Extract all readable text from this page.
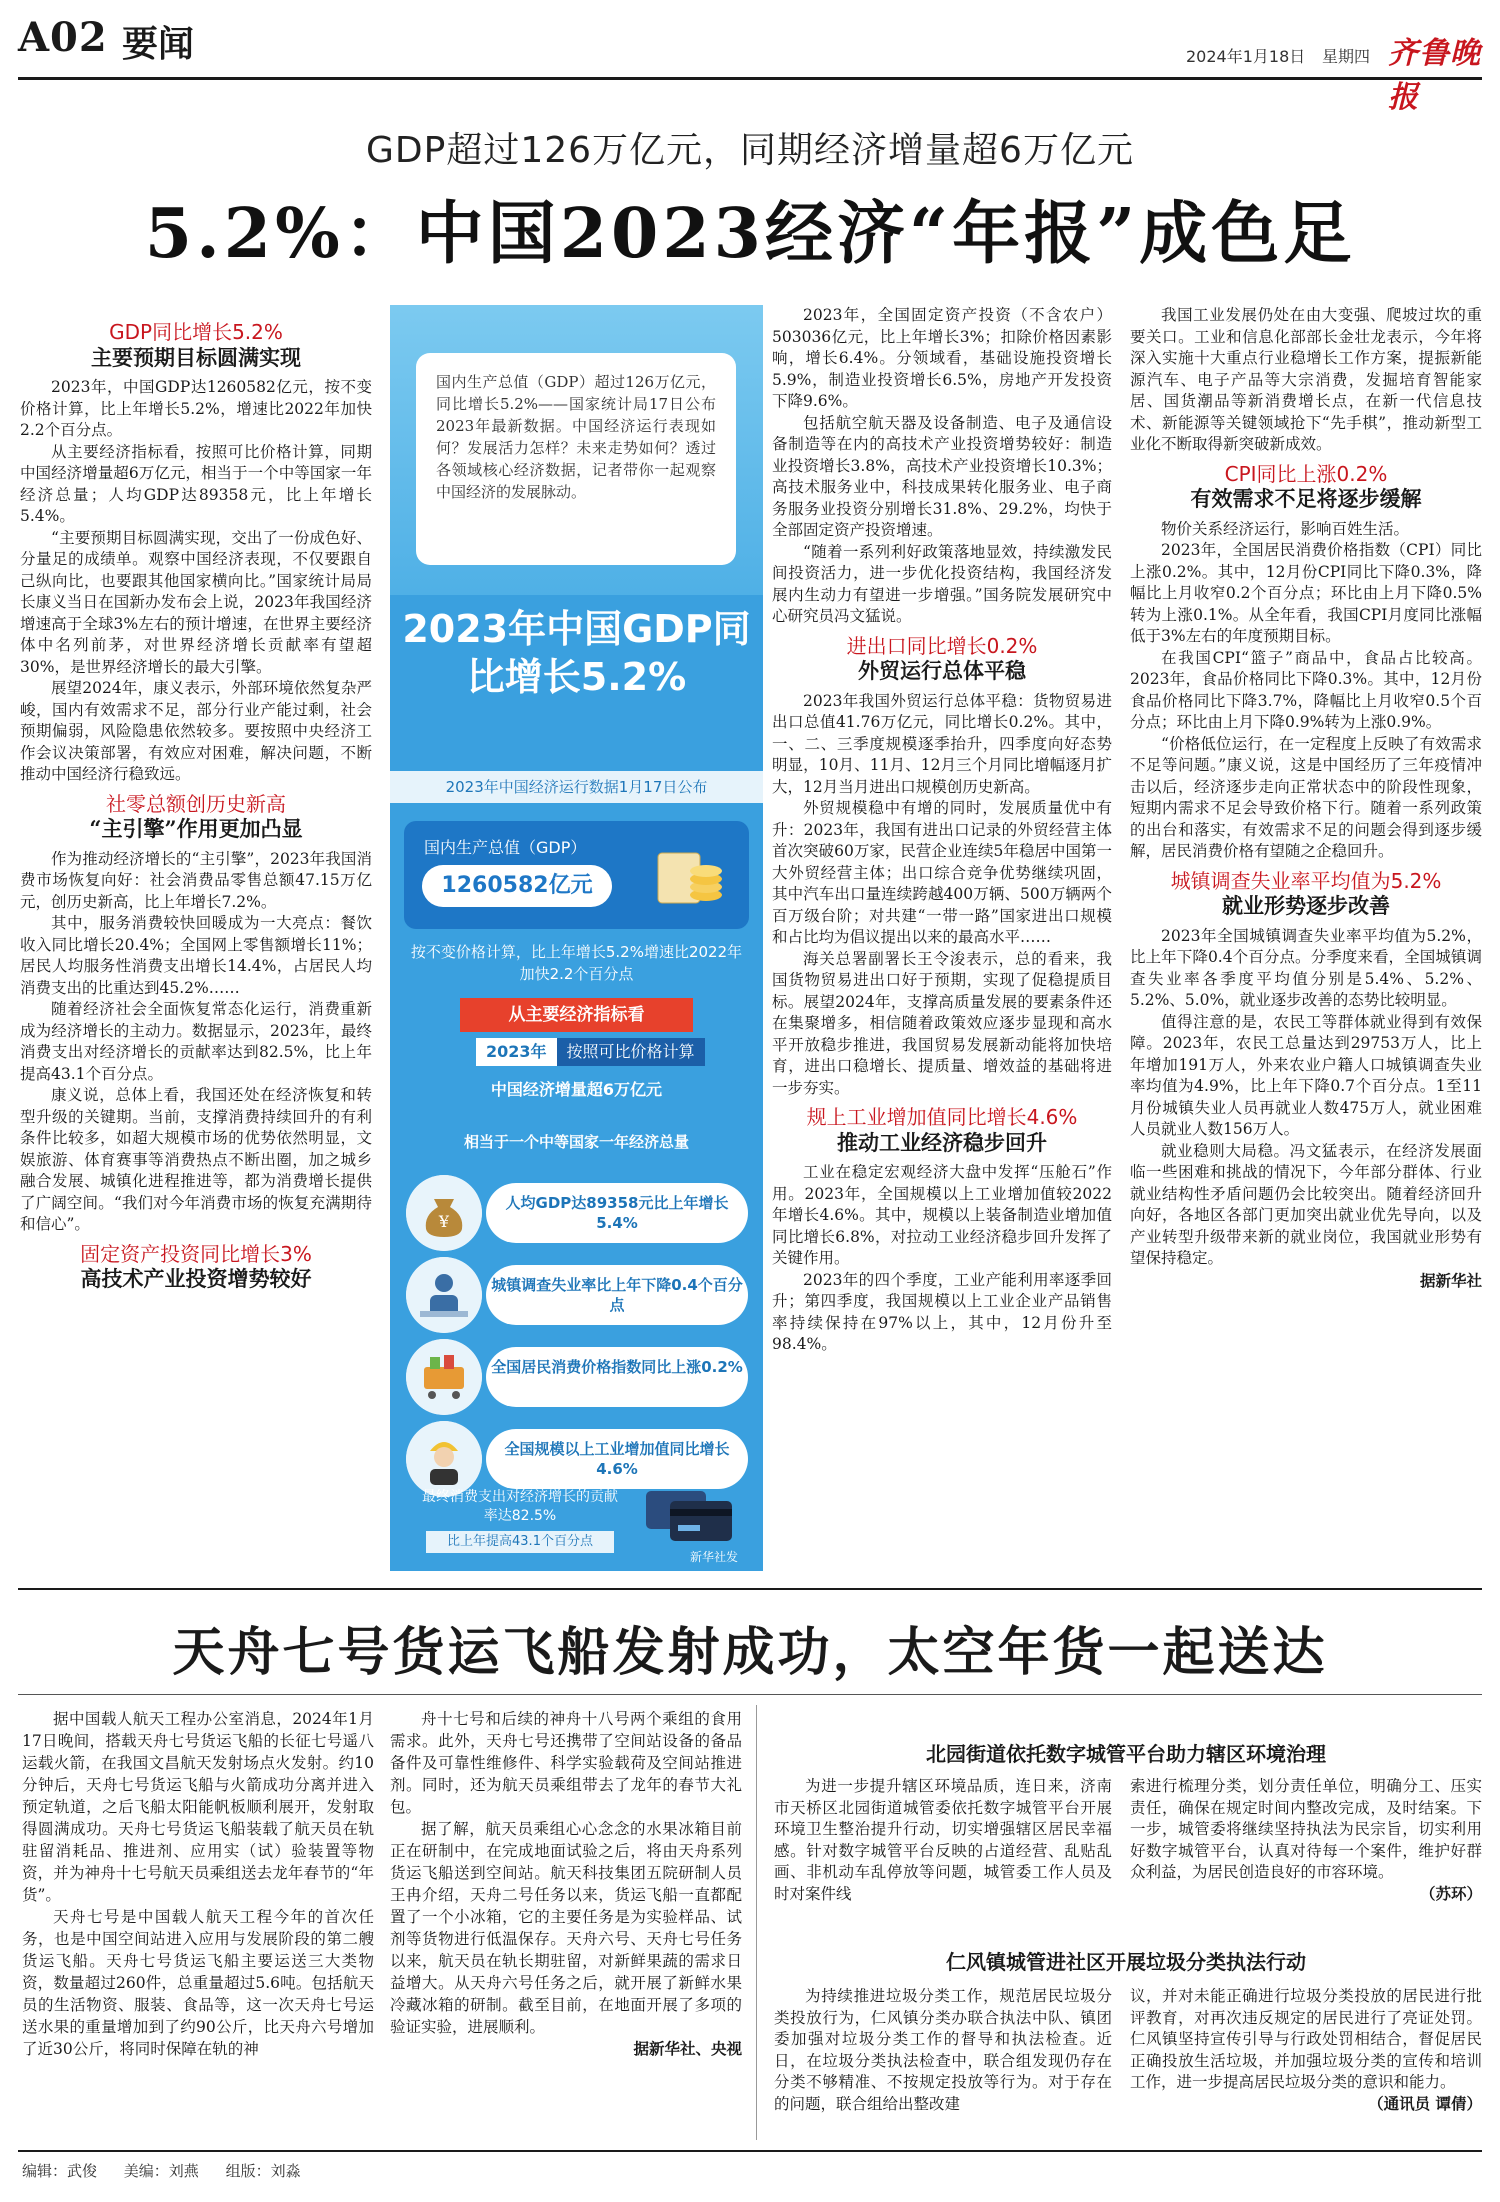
A02 要闻	2024年1月18日 星期四 齐鲁晚报
GDP超过126万亿元，同期经济增量超6万亿元
5.2%：中国2023经济“年报”成色足
GDP同比增长5.2%
主要预期目标圆满实现

2023年，中国GDP达1260582亿元，按不变价格计算，比上年增长5.2%，增速比2022年加快2.2个百分点。

从主要经济指标看，按照可比价格计算，同期中国经济增量超6万亿元，相当于一个中等国家一年经济总量；人均GDP达89358元，比上年增长5.4%。

“主要预期目标圆满实现，交出了一份成色好、分量足的成绩单。观察中国经济表现，不仅要跟自己纵向比，也要跟其他国家横向比。”国家统计局局长康义当日在国新办发布会上说，2023年我国经济增速高于全球3%左右的预计增速，在世界主要经济体中名列前茅，对世界经济增长贡献率有望超30%，是世界经济增长的最大引擎。

展望2024年，康义表示，外部环境依然复杂严峻，国内有效需求不足，部分行业产能过剩，社会预期偏弱，风险隐患依然较多。要按照中央经济工作会议决策部署，有效应对困难，解决问题，不断推动中国经济行稳致远。

社零总额创历史新高
“主引擎”作用更加凸显

作为推动经济增长的“主引擎”，2023年我国消费市场恢复向好：社会消费品零售总额47.15万亿元，创历史新高，比上年增长7.2%。

其中，服务消费较快回暖成为一大亮点：餐饮收入同比增长20.4%；全国网上零售额增长11%；居民人均服务性消费支出增长14.4%，占居民人均消费支出的比重达到45.2%……

随着经济社会全面恢复常态化运行，消费重新成为经济增长的主动力。数据显示，2023年，最终消费支出对经济增长的贡献率达到82.5%，比上年提高43.1个百分点。

康义说，总体上看，我国还处在经济恢复和转型升级的关键期。当前，支撑消费持续回升的有利条件比较多，如超大规模市场的优势依然明显，文娱旅游、体育赛事等消费热点不断出圈，加之城乡融合发展、城镇化进程推进等，都为消费增长提供了广阔空间。“我们对今年消费市场的恢复充满期待和信心”。

固定资产投资同比增长3%
高技术产业投资增势较好
国内生产总值（GDP）超过126万亿元，同比增长5.2%——国家统计局17日公布2023年最新数据。中国经济运行表现如何？发展活力怎样？未来走势如何？透过各领域核心经济数据，记者带你一起观察中国经济的发展脉动。
2023年中国GDP同比增长5.2%
2023年中国经济运行数据1月17日公布
国内生产总值（GDP）
1260582亿元
按不变价格计算，比上年增长5.2%增速比2022年加快2.2个百分点
从主要经济指标看
2023年 按照可比价格计算
中国经济增量超6万亿元
相当于一个中等国家一年经济总量
¥
人均GDP达89358元比上年增长5.4%
城镇调查失业率比上年下降0.4个百分点
全国居民消费价格指数同比上涨0.2%
全国规模以上工业增加值同比增长4.6%
最终消费支出对经济增长的贡献率达82.5%
比上年提高43.1个百分点
新华社发

2023年，全国固定资产投资（不含农户）503036亿元，比上年增长3%；扣除价格因素影响，增长6.4%。分领域看，基础设施投资增长5.9%，制造业投资增长6.5%，房地产开发投资下降9.6%。

包括航空航天器及设备制造、电子及通信设备制造等在内的高技术产业投资增势较好：制造业投资增长3.8%，高技术产业投资增长10.3%；高技术服务业中，科技成果转化服务业、电子商务服务业投资分别增长31.8%、29.2%，均快于全部固定资产投资增速。

“随着一系列利好政策落地显效，持续激发民间投资活力，进一步优化投资结构，我国经济发展内生动力有望进一步增强。”国务院发展研究中心研究员冯文猛说。

进出口同比增长0.2%
外贸运行总体平稳

2023年我国外贸运行总体平稳：货物贸易进出口总值41.76万亿元，同比增长0.2%。其中，一、二、三季度规模逐季抬升，四季度向好态势明显，10月、11月、12月三个月同比增幅逐月扩大，12月当月进出口规模创历史新高。

外贸规模稳中有增的同时，发展质量优中有升：2023年，我国有进出口记录的外贸经营主体首次突破60万家，民营企业连续5年稳居中国第一大外贸经营主体；出口综合竞争优势继续巩固，其中汽车出口量连续跨越400万辆、500万辆两个百万级台阶；对共建“一带一路”国家进出口规模和占比均为倡议提出以来的最高水平……

海关总署副署长王令浚表示，总的看来，我国货物贸易进出口好于预期，实现了促稳提质目标。展望2024年，支撑高质量发展的要素条件还在集聚增多，相信随着政策效应逐步显现和高水平开放稳步推进，我国贸易发展新动能将加快培育，进出口稳增长、提质量、增效益的基础将进一步夯实。

规上工业增加值同比增长4.6%
推动工业经济稳步回升

工业在稳定宏观经济大盘中发挥“压舱石”作用。2023年，全国规模以上工业增加值较2022年增长4.6%。其中，规模以上装备制造业增加值同比增长6.8%，对拉动工业经济稳步回升发挥了关键作用。

2023年的四个季度，工业产能利用率逐季回升；第四季度，我国规模以上工业企业产品销售率持续保持在97%以上，其中，12月份升至98.4%。

我国工业发展仍处在由大变强、爬坡过坎的重要关口。工业和信息化部部长金壮龙表示，今年将深入实施十大重点行业稳增长工作方案，提振新能源汽车、电子产品等大宗消费，发掘培育智能家居、国货潮品等新消费增长点，在新一代信息技术、新能源等关键领域抢下“先手棋”，推动新型工业化不断取得新突破新成效。

CPI同比上涨0.2%
有效需求不足将逐步缓解

物价关系经济运行，影响百姓生活。

2023年，全国居民消费价格指数（CPI）同比上涨0.2%。其中，12月份CPI同比下降0.3%，降幅比上月收窄0.2个百分点；环比由上月下降0.5%转为上涨0.1%。从全年看，我国CPI月度同比涨幅低于3%左右的年度预期目标。

在我国CPI“篮子”商品中，食品占比较高。2023年，食品价格同比下降0.3%。其中，12月份食品价格同比下降3.7%，降幅比上月收窄0.5个百分点；环比由上月下降0.9%转为上涨0.9%。

“价格低位运行，在一定程度上反映了有效需求不足等问题。”康义说，这是中国经历了三年疫情冲击以后，经济逐步走向正常状态中的阶段性现象，短期内需求不足会导致价格下行。随着一系列政策的出台和落实，有效需求不足的问题会得到逐步缓解，居民消费价格有望随之企稳回升。

城镇调查失业率平均值为5.2%
就业形势逐步改善

2023年全国城镇调查失业率平均值为5.2%，比上年下降0.4个百分点。分季度来看，全国城镇调查失业率各季度平均值分别是5.4%、5.2%、5.2%、5.0%，就业逐步改善的态势比较明显。

值得注意的是，农民工等群体就业得到有效保障。2023年，农民工总量达到29753万人，比上年增加191万人，外来农业户籍人口城镇调查失业率均值为4.9%，比上年下降0.7个百分点。1至11月份城镇失业人员再就业人数475万人，就业困难人员就业人数156万人。

就业稳则大局稳。冯文猛表示，在经济发展面临一些困难和挑战的情况下，今年部分群体、行业就业结构性矛盾问题仍会比较突出。随着经济回升向好，各地区各部门更加突出就业优先导向，以及产业转型升级带来新的就业岗位，我国就业形势有望保持稳定。

据新华社
天舟七号货运飞船发射成功，太空年货一起送达

据中国载人航天工程办公室消息，2024年1月17日晚间，搭载天舟七号货运飞船的长征七号遥八运载火箭，在我国文昌航天发射场点火发射。约10分钟后，天舟七号货运飞船与火箭成功分离并进入预定轨道，之后飞船太阳能帆板顺利展开，发射取得圆满成功。天舟七号货运飞船装载了航天员在轨驻留消耗品、推进剂、应用实（试）验装置等物资，并为神舟十七号航天员乘组送去龙年春节的“年货”。

天舟七号是中国载人航天工程今年的首次任务，也是中国空间站进入应用与发展阶段的第二艘货运飞船。天舟七号货运飞船主要运送三大类物资，数量超过260件，总重量超过5.6吨。包括航天员的生活物资、服装、食品等，这一次天舟七号运送水果的重量增加到了约90公斤，比天舟六号增加了近30公斤，将同时保障在轨的神

舟十七号和后续的神舟十八号两个乘组的食用需求。此外，天舟七号还携带了空间站设备的备品备件及可靠性维修件、科学实验载荷及空间站推进剂。同时，还为航天员乘组带去了龙年的春节大礼包。

据了解，航天员乘组心心念念的水果冰箱目前正在研制中，在完成地面试验之后，将由天舟系列货运飞船送到空间站。航天科技集团五院研制人员王冉介绍，天舟二号任务以来，货运飞船一直都配置了一个小冰箱，它的主要任务是为实验样品、试剂等货物进行低温保存。天舟六号、天舟七号任务以来，航天员在轨长期驻留，对新鲜果蔬的需求日益增大。从天舟六号任务之后，就开展了新鲜水果冷藏冰箱的研制。截至目前，在地面开展了多项的验证实验，进展顺利。

据新华社、央视
北园街道依托数字城管平台助力辖区环境治理

为进一步提升辖区环境品质，连日来，济南市天桥区北园街道城管委依托数字城管平台开展环境卫生整治提升行动，切实增强辖区居民幸福感。针对数字城管平台反映的占道经营、乱贴乱画、非机动车乱停放等问题，城管委工作人员及时对案件线

索进行梳理分类，划分责任单位，明确分工、压实责任，确保在规定时间内整改完成，及时结案。下一步，城管委将继续坚持执法为民宗旨，切实利用好数字城管平台，认真对待每一个案件，维护好群众利益，为居民创造良好的市容环境。

（苏环）
仁风镇城管进社区开展垃圾分类执法行动

为持续推进垃圾分类工作，规范居民垃圾分类投放行为，仁风镇分类办联合执法中队、镇团委加强对垃圾分类工作的督导和执法检查。近日，在垃圾分类执法检查中，联合组发现仍存在分类不够精准、不按规定投放等行为。对于存在的问题，联合组给出整改建

议，并对未能正确进行垃圾分类投放的居民进行批评教育，对再次违反规定的居民进行了亮证处罚。仁风镇坚持宣传引导与行政处罚相结合，督促居民正确投放生活垃圾，并加强垃圾分类的宣传和培训工作，进一步提高居民垃圾分类的意识和能力。

（通讯员 谭倩）
编辑：武俊 美编：刘燕 组版：刘淼
